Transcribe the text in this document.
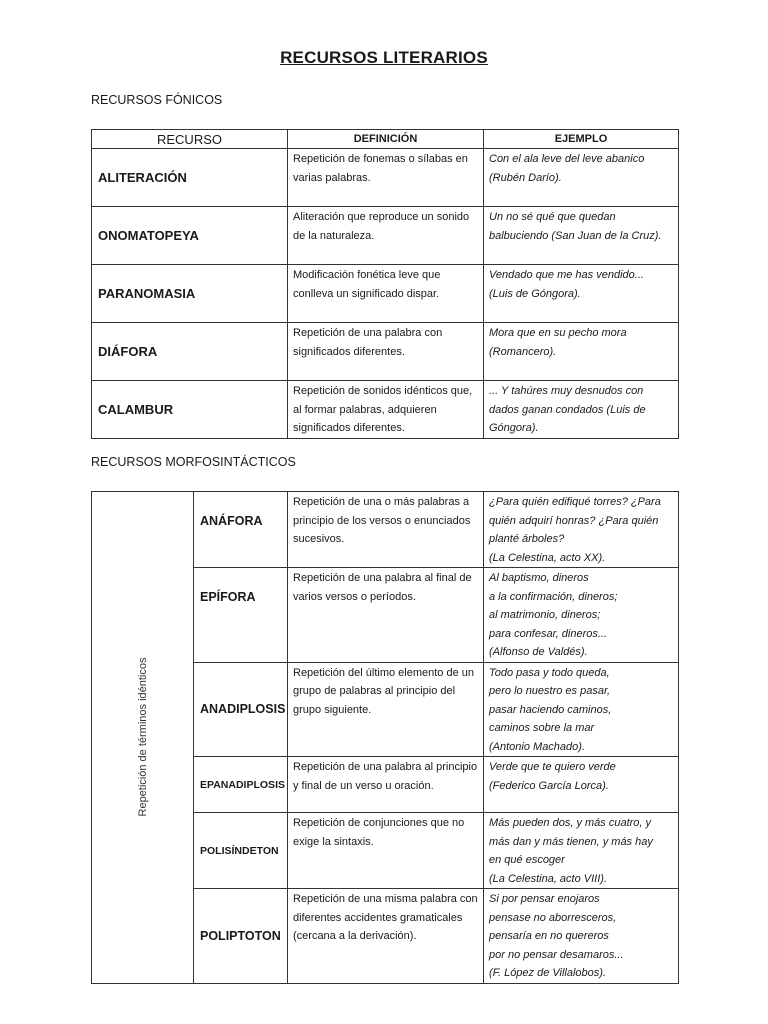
RECURSOS LITERARIOS
RECURSOS FÓNICOS
RECURSO	DEFINICIÓN	EJEMPLO
ALITERACIÓN	Repetición de fonemas o sílabas en varias palabras.	Con el ala leve del leve abanico
(Rubén Darío).

ONOMATOPEYA	Aliteración que reproduce un sonido de la naturaleza.	Un no sé qué que quedan
balbuciendo (San Juan de la Cruz).

PARANOMASIA	Modificación fonética leve que conlleva un significado dispar.	Vendado que me has vendido...
(Luis de Góngora).

DIÁFORA	Repetición de una palabra con significados diferentes.	Mora que en su pecho mora
(Romancero).

CALAMBUR	Repetición de sonidos idénticos que, al formar palabras, adquieren significados diferentes.	... Y tahúres muy desnudos con
dados ganan condados (Luis de
Góngora).
RECURSOS MORFOSINTÁCTICOS
Repetición de términos idénticos	ANÁFORA	Repetición de una o más palabras a principio de los versos o enunciados sucesivos.	¿Para quién edifiqué torres? ¿Para
quién adquirí honras? ¿Para quién
planté árboles?
(La Celestina, acto XX).

	EPÍFORA	Repetición de una palabra al final de varios versos o períodos.	Al baptismo, dineros
a la confirmación, dineros;
al matrimonio, dineros;
para confesar, dineros...
(Alfonso de Valdés).

	ANADIPLOSIS	Repetición del último elemento de un grupo de palabras al principio del grupo siguiente.	Todo pasa y todo queda,
pero lo nuestro es pasar,
pasar haciendo caminos,
caminos sobre la mar
(Antonio Machado).

	EPANADIPLOSIS	Repetición de una palabra al principio y final de un verso u oración.	Verde que te quiero verde
(Federico García Lorca).

	POLISÍNDETON	Repetición de conjunciones que no exige la sintaxis.	Más pueden dos, y más cuatro, y
más dan y más tienen, y más hay
en qué escoger
(La Celestina, acto VIII).

	POLIPTOTON	Repetición de una misma palabra con diferentes accidentes gramaticales (cercana a la derivación).	Si por pensar enojaros
pensase no aborresceros,
pensaría en no quereros
por no pensar desamaros...
(F. López de Villalobos).
